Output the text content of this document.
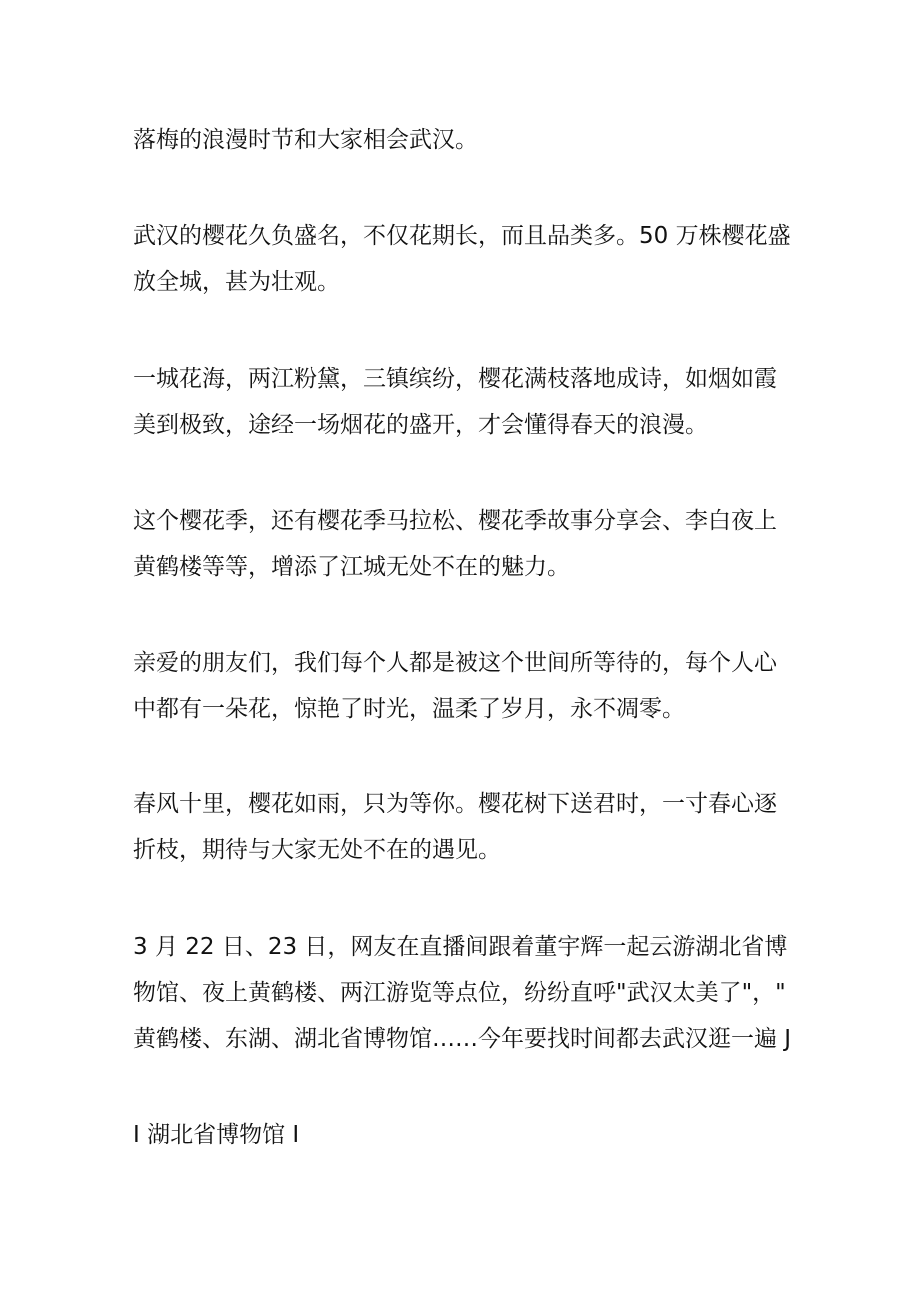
落梅的浪漫时节和大家相会武汉。

武汉的樱花久负盛名，不仅花期长，而且品类多。50 万株樱花盛
放全城，甚为壮观。

一城花海，两江粉黛，三镇缤纷，樱花满枝落地成诗，如烟如霞
美到极致，途经一场烟花的盛开，才会懂得春天的浪漫。

这个樱花季，还有樱花季马拉松、樱花季故事分享会、李白夜上
黄鹤楼等等，增添了江城无处不在的魅力。

亲爱的朋友们，我们每个人都是被这个世间所等待的，每个人心
中都有一朵花，惊艳了时光，温柔了岁月，永不凋零。

春风十里，樱花如雨，只为等你。樱花树下送君时，一寸春心逐
折枝，期待与大家无处不在的遇见。

3 月 22 日、23 日，网友在直播间跟着董宇辉一起云游湖北省博
物馆、夜上黄鹤楼、两江游览等点位，纷纷直呼"武汉太美了"，"
黄鹤楼、东湖、湖北省博物馆……今年要找时间都去武汉逛一遍 J

I 湖北省博物馆 I
